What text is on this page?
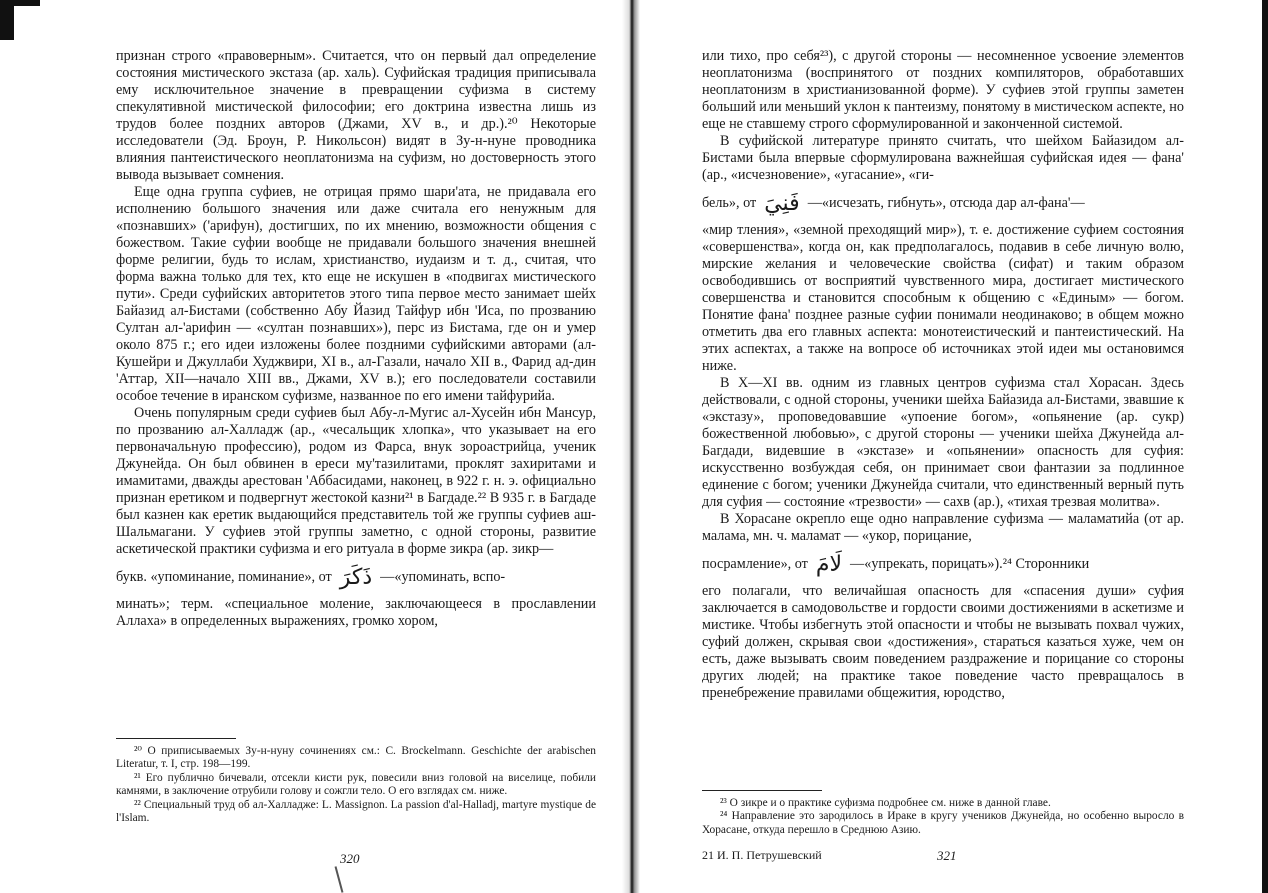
признан строго «правоверным». Считается, что он первый дал определение состояния мистического экстаза (ар. халь). Суфийская традиция приписывала ему исключительное значение в превращении суфизма в систему спекулятивной мистической философии; его доктрина известна лишь из трудов более поздних авторов (Джами, XV в., и др.).²⁰ Некоторые исследователи (Эд. Броун, Р. Никольсон) видят в Зу-н-нуне проводника влияния пантеистического неоплатонизма на суфизм, но достоверность этого вывода вызывает сомнения.

Еще одна группа суфиев, не отрицая прямо шари'ата, не придавала его исполнению большого значения или даже считала его ненужным для «познавших» ('арифун), достигших, по их мнению, возможности общения с божеством. Такие суфии вообще не придавали большого значения внешней форме религии, будь то ислам, христианство, иудаизм и т. д., считая, что форма важна только для тех, кто еще не искушен в «подвигах мистического пути». Среди суфийских авторитетов этого типа первое место занимает шейх Байазид ал-Бистами (собственно Абу Йазид Тайфур ибн 'Иса, по прозванию Султан ал-'арифин — «султан познавших»), перс из Бистама, где он и умер около 875 г.; его идеи изложены более поздними суфийскими авторами (ал-Кушейри и Джуллаби Худжвири, XI в., ал-Газали, начало XII в., Фарид ад-дин 'Аттар, XII—начало XIII вв., Джами, XV в.); его последователи составили особое течение в иранском суфизме, названное по его имени тайфурийа.

Очень популярным среди суфиев был Абу-л-Мугис ал-Хусейн ибн Мансур, по прозванию ал-Халладж (ар., «чесальщик хлопка», что указывает на его первоначальную профессию), родом из Фарса, внук зороастрийца, ученик Джунейда. Он был обвинен в ереси му'тазилитами, проклят захиритами и имамитами, дважды арестован 'Аббасидами, наконец, в 922 г. н. э. официально признан еретиком и подвергнут жестокой казни²¹ в Багдаде.²² В 935 г. в Багдаде был казнен как еретик выдающийся представитель той же группы суфиев аш-Шальмагани. У суфиев этой группы заметно, с одной стороны, развитие аскетической практики суфизма и его ритуала в форме зикра (ар. зикр—

букв. «упоминание, поминание», от ذَكَرَ —«упоминать, вспо-

минать»; терм. «специальное моление, заключающееся в прославлении Аллаха» в определенных выражениях, громко хором,

²⁰ О приписываемых Зу-н-нуну сочинениях см.: C. Brockelmann. Geschichte der arabischen Literatur, т. I, стр. 198—199.

²¹ Его публично бичевали, отсекли кисти рук, повесили вниз головой на виселице, побили камнями, в заключение отрубили голову и сожгли тело. О его взглядах см. ниже.

²² Специальный труд об ал-Халладже: L. Massignon. La passion d'al-Halladj, martyre mystique de l'Islam.

320

или тихо, про себя²³), с другой стороны — несомненное усвоение элементов неоплатонизма (воспринятого от поздних компиляторов, обработавших неоплатонизм в христианизованной форме). У суфиев этой группы заметен больший или меньший уклон к пантеизму, понятому в мистическом аспекте, но еще не ставшему строго сформулированной и законченной системой.

В суфийской литературе принято считать, что шейхом Байазидом ал-Бистами была впервые сформулирована важнейшая суфийская идея — фана' (ар., «исчезновение», «угасание», «ги-

бель», от فَنِيَ —«исчезать, гибнуть», отсюда дар ал-фана'—

«мир тления», «земной преходящий мир»), т. е. достижение суфием состояния «совершенства», когда он, как предполагалось, подавив в себе личную волю, мирские желания и человеческие свойства (сифат) и таким образом освободившись от восприятий чувственного мира, достигает мистического совершенства и становится способным к общению с «Единым» — богом. Понятие фана' позднее разные суфии понимали неодинаково; в общем можно отметить два его главных аспекта: монотеистический и пантеистический. На этих аспектах, а также на вопросе об источниках этой идеи мы остановимся ниже.

В X—XI вв. одним из главных центров суфизма стал Хорасан. Здесь действовали, с одной стороны, ученики шейха Байазида ал-Бистами, звавшие к «экстазу», проповедовавшие «упоение богом», «опьянение (ар. сукр) божественной любовью», с другой стороны — ученики шейха Джунейда ал-Багдади, видевшие в «экстазе» и «опьянении» опасность для суфия: искусственно возбуждая себя, он принимает свои фантазии за подлинное единение с богом; ученики Джунейда считали, что единственный верный путь для суфия — состояние «трезвости» — сахв (ар.), «тихая трезвая молитва».

В Хорасане окрепло еще одно направление суфизма — маламатийа (от ар. малама, мн. ч. маламат — «укор, порицание,

посрамление», от لَامَ —«упрекать, порицать»).²⁴ Сторонники

его полагали, что величайшая опасность для «спасения души» суфия заключается в самодовольстве и гордости своими достижениями в аскетизме и мистике. Чтобы избегнуть этой опасности и чтобы не вызывать похвал чужих, суфий должен, скрывая свои «достижения», стараться казаться хуже, чем он есть, даже вызывать своим поведением раздражение и порицание со стороны других людей; на практике такое поведение часто превращалось в пренебрежение правилами общежития, юродство,

²³ О зикре и о практике суфизма подробнее см. ниже в данной главе.

²⁴ Направление это зародилось в Ираке в кругу учеников Джунейда, но особенно выросло в Хорасане, откуда перешло в Среднюю Азию.

21 И. П. Петрушевский	321
